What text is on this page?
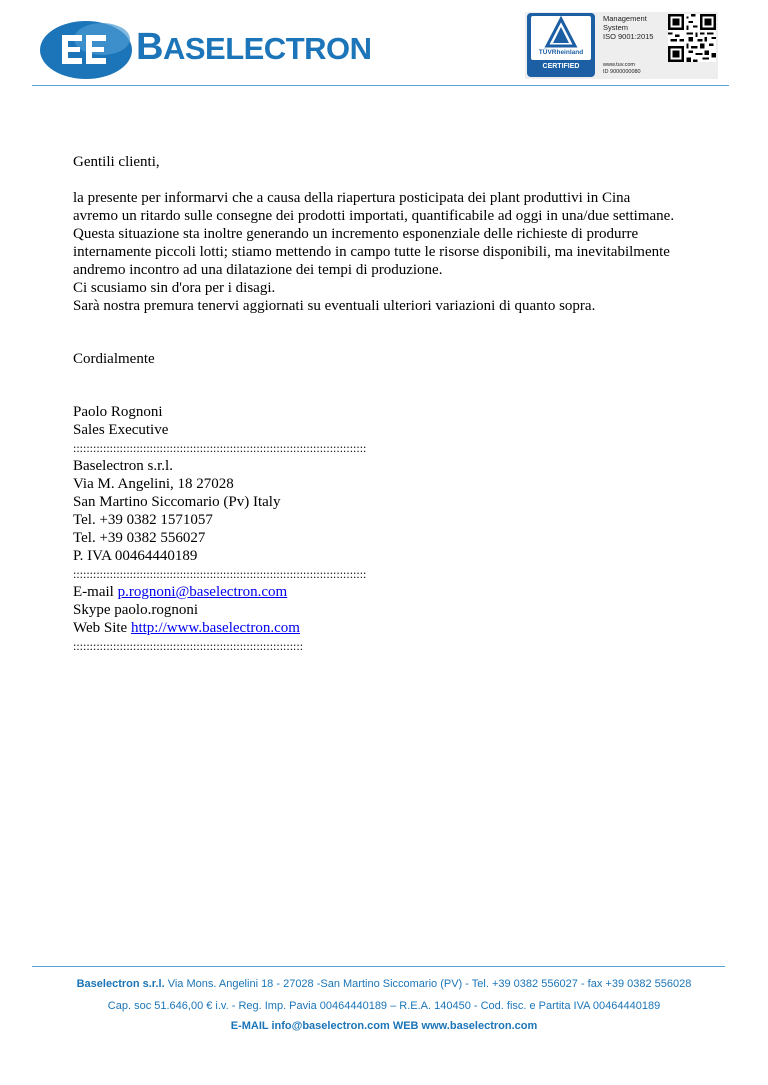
BASELECTRON	TÜVRheinland
CERTIFIED
Management
System
ISO 9001:2015
www.tuv.com
ID 9000000080

Gentili clienti,

la presente per informarvi che a causa della riapertura posticipata dei plant produttivi in Cina

avremo un ritardo sulle consegne dei prodotti importati, quantificabile ad oggi in una/due settimane.

Questa situazione sta inoltre generando un incremento esponenziale delle richieste di produrre

internamente piccoli lotti; stiamo mettendo in campo tutte le risorse disponibili, ma inevitabilmente

andremo incontro ad una dilatazione dei tempi di produzione.

Ci scusiamo sin d'ora per i disagi.

Sarà nostra premura tenervi aggiornati su eventuali ulteriori variazioni di quanto sopra.

Cordialmente

Paolo Rognoni

Sales Executive

::::::::::::::::::::::::::::::::::::::::::::::::::::::::::::::::::::::::::::::::::::::::

Baselectron s.r.l.

Via M. Angelini, 18 27028

San Martino Siccomario (Pv) Italy

Tel. +39 0382 1571057

Tel. +39 0382 556027

P. IVA 00464440189

::::::::::::::::::::::::::::::::::::::::::::::::::::::::::::::::::::::::::::::::::::::::

E-mail p.rognoni@baselectron.com

Skype paolo.rognoni

Web Site http://www.baselectron.com

:::::::::::::::::::::::::::::::::::::::::::::::::::::::::::::::::::::

Baselectron s.r.l. Via Mons. Angelini 18 - 27028 -San Martino Siccomario (PV) - Tel. +39 0382 556027 - fax +39 0382 556028
Cap. soc 51.646,00 € i.v. - Reg. Imp. Pavia 00464440189 – R.E.A. 140450 - Cod. fisc. e Partita IVA 00464440189
E-MAIL info@baselectron.com WEB www.baselectron.com
